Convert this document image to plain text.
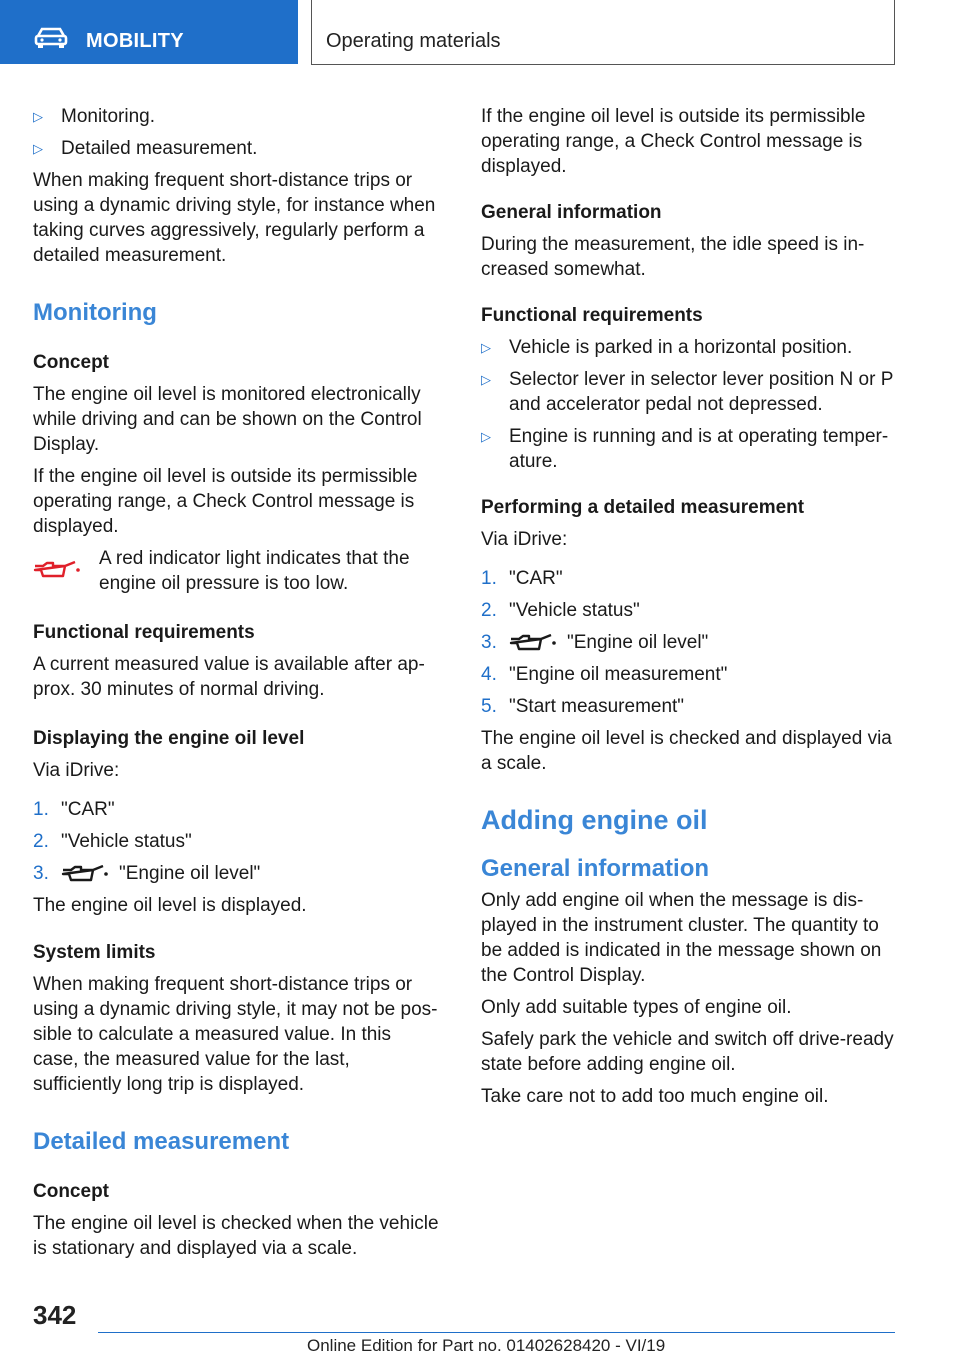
MOBILITY	Operating materials
▷ Monitoring.
▷ Detailed measurement.

When making frequent short-distance trips or using a dynamic driving style, for instance when taking curves aggressively, regularly perform a detailed measurement.

Monitoring
Concept

The engine oil level is monitored electronically while driving and can be shown on the Control Display.

If the engine oil level is outside its permissible operating range, a Check Control message is displayed.

A red indicator light indicates that the engine oil pressure is too low.
Functional requirements

A current measured value is available after approx. 30 minutes of normal driving.

Displaying the engine oil level

Via iDrive:

1. "CAR"
2. "Vehicle status"
3.	"Engine oil level"

The engine oil level is displayed.

System limits

When making frequent short-distance trips or using a dynamic driving style, it may not be possible to calculate a measured value. In this case, the measured value for the last, sufficiently long trip is displayed.

Detailed measurement
Concept

The engine oil level is checked when the vehicle is stationary and displayed via a scale.

If the engine oil level is outside its permissible operating range, a Check Control message is displayed.

General information

During the measurement, the idle speed is increased somewhat.

Functional requirements
▷ Vehicle is parked in a horizontal position.
▷ Selector lever in selector lever position N or P and accelerator pedal not depressed.
▷ Engine is running and is at operating temperature.
Performing a detailed measurement

Via iDrive:

1. "CAR"
2. "Vehicle status"
3.	"Engine oil level"
4. "Engine oil measurement"
5. "Start measurement"

The engine oil level is checked and displayed via a scale.

Adding engine oil
General information

Only add engine oil when the message is displayed in the instrument cluster. The quantity to be added is indicated in the message shown on the Control Display.

Only add suitable types of engine oil.

Safely park the vehicle and switch off drive-ready state before adding engine oil.

Take care not to add too much engine oil.

342
Online Edition for Part no. 01402628420 - VI/19
